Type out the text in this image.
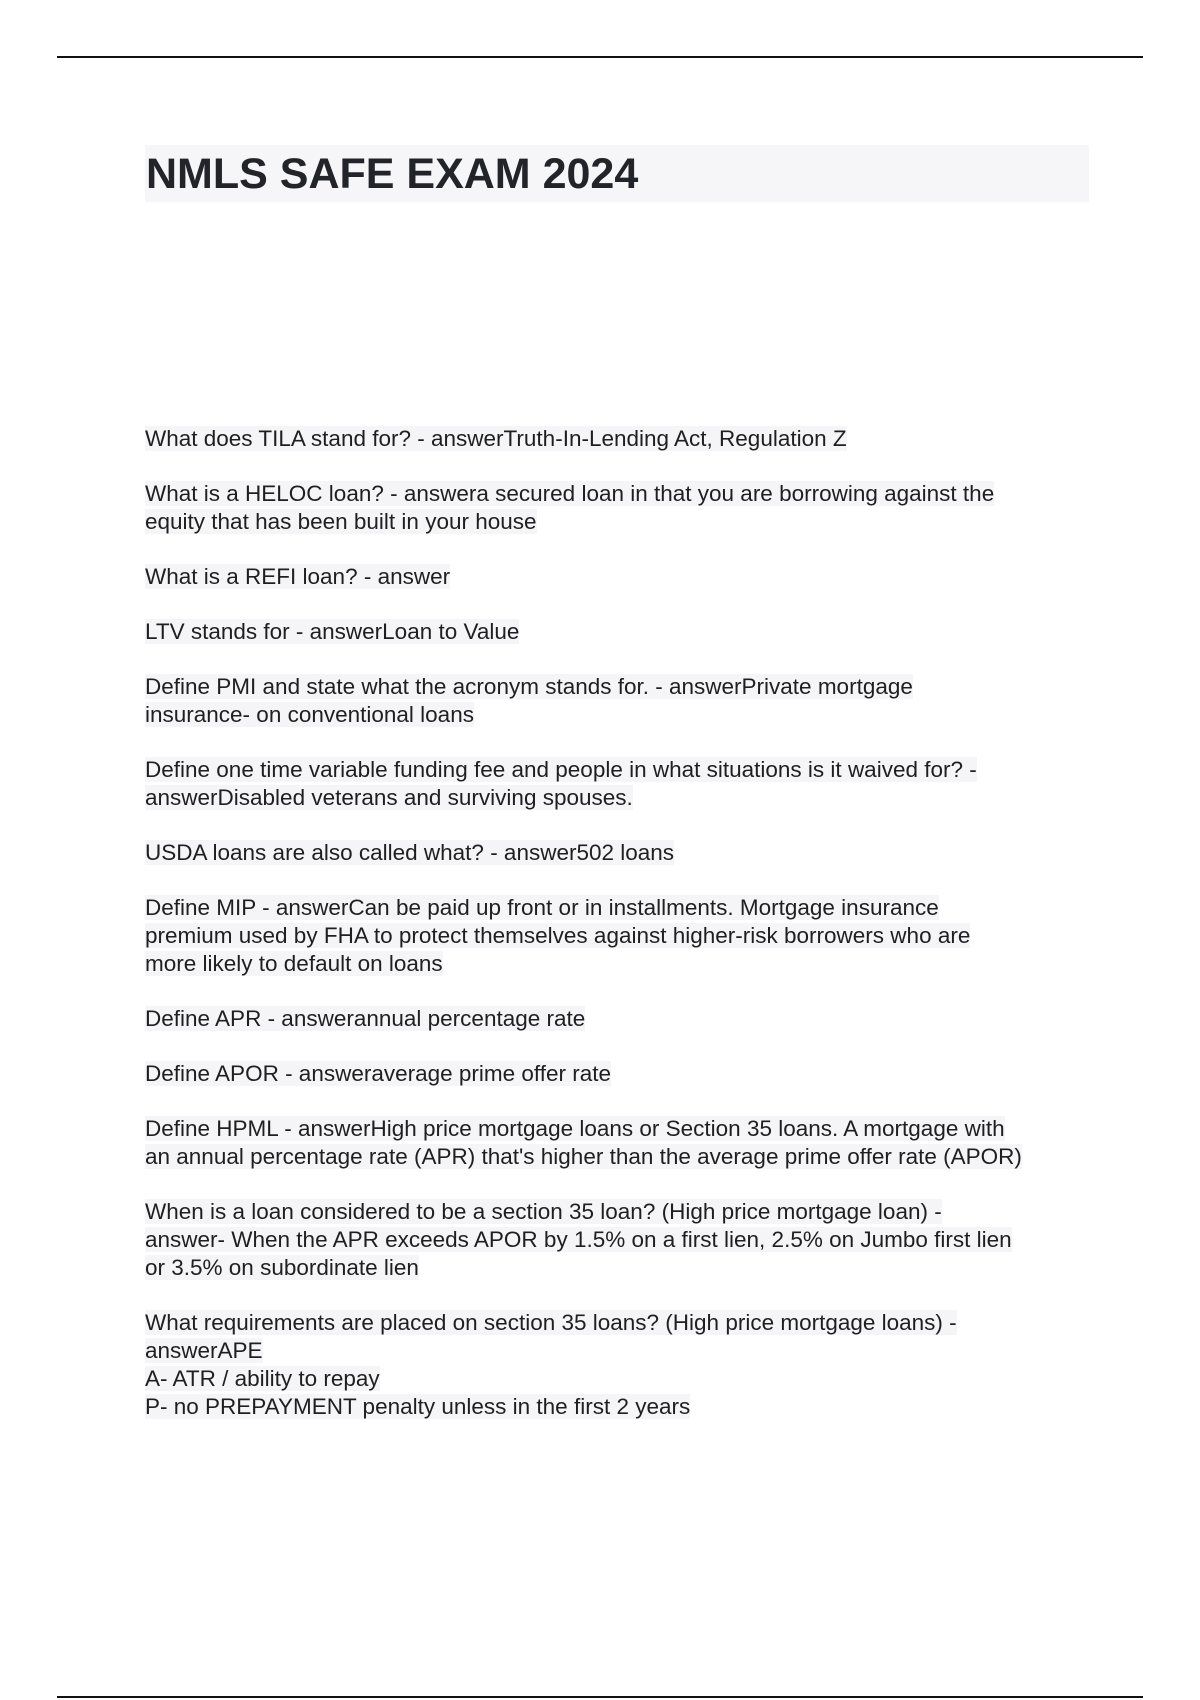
NMLS SAFE EXAM 2024
What does TILA stand for? - answerTruth-In-Lending Act, Regulation Z
What is a HELOC loan? - answera secured loan in that you are borrowing against the
equity that has been built in your house
What is a REFI loan? - answer
LTV stands for - answerLoan to Value
Define PMI and state what the acronym stands for. - answerPrivate mortgage
insurance- on conventional loans
Define one time variable funding fee and people in what situations is it waived for? -
answerDisabled veterans and surviving spouses.
USDA loans are also called what? - answer502 loans
Define MIP - answerCan be paid up front or in installments. Mortgage insurance
premium used by FHA to protect themselves against higher-risk borrowers who are
more likely to default on loans
Define APR - answerannual percentage rate
Define APOR - answeraverage prime offer rate
Define HPML - answerHigh price mortgage loans or Section 35 loans. A mortgage with
an annual percentage rate (APR) that's higher than the average prime offer rate (APOR)
When is a loan considered to be a section 35 loan? (High price mortgage loan) -
answer- When the APR exceeds APOR by 1.5% on a first lien, 2.5% on Jumbo first lien
or 3.5% on subordinate lien
What requirements are placed on section 35 loans? (High price mortgage loans) -
answerAPE
A- ATR / ability to repay
P- no PREPAYMENT penalty unless in the first 2 years
